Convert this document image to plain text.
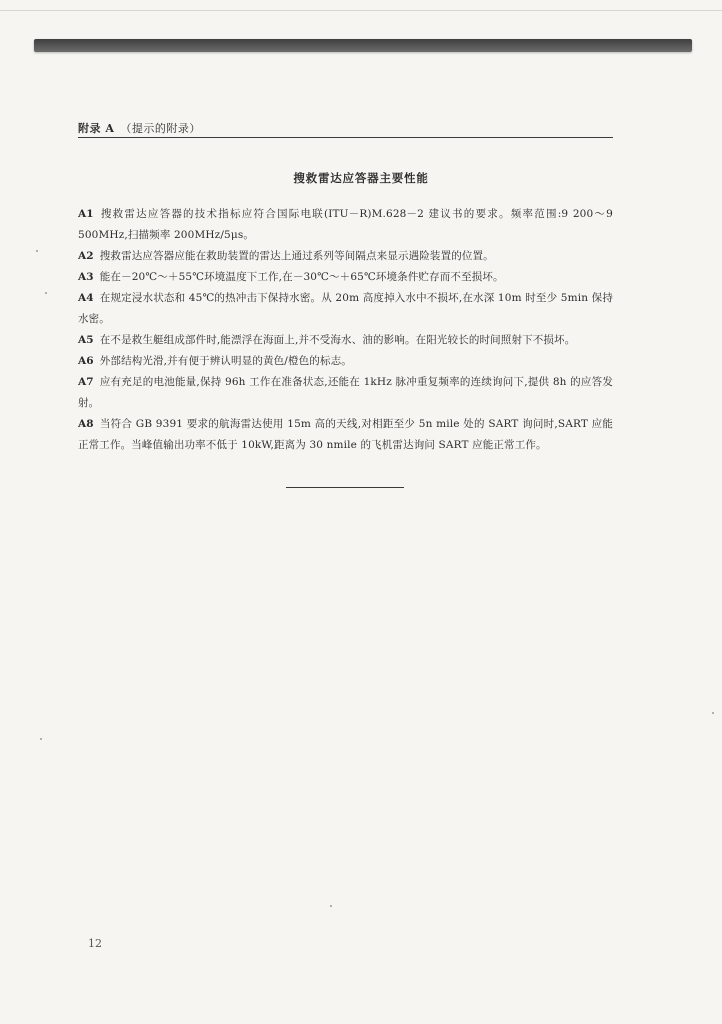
附录 A （提示的附录）
搜救雷达应答器主要性能

A1 搜救雷达应答器的技术指标应符合国际电联(ITU－R)M.628－2 建议书的要求。频率范围:9 200～9 500MHz,扫描频率 200MHz/5μs。

A2 搜救雷达应答器应能在救助装置的雷达上通过系列等间隔点来显示遇险装置的位置。

A3 能在－20℃～＋55℃环境温度下工作,在－30℃～＋65℃环境条件贮存而不至损坏。

A4 在规定浸水状态和 45℃的热冲击下保持水密。从 20m 高度掉入水中不损坏,在水深 10m 时至少 5min 保持水密。

A5 在不是救生艇组成部件时,能漂浮在海面上,并不受海水、油的影响。在阳光较长的时间照射下不损坏。

A6 外部结构光滑,并有便于辨认明显的黄色/橙色的标志。

A7 应有充足的电池能量,保持 96h 工作在准备状态,还能在 1kHz 脉冲重复频率的连续询问下,提供 8h 的应答发射。

A8 当符合 GB 9391 要求的航海雷达使用 15m 高的天线,对相距至少 5n mile 处的 SART 询问时,SART 应能正常工作。当峰值输出功率不低于 10kW,距离为 30 nmile 的飞机雷达询问 SART 应能正常工作。

12
